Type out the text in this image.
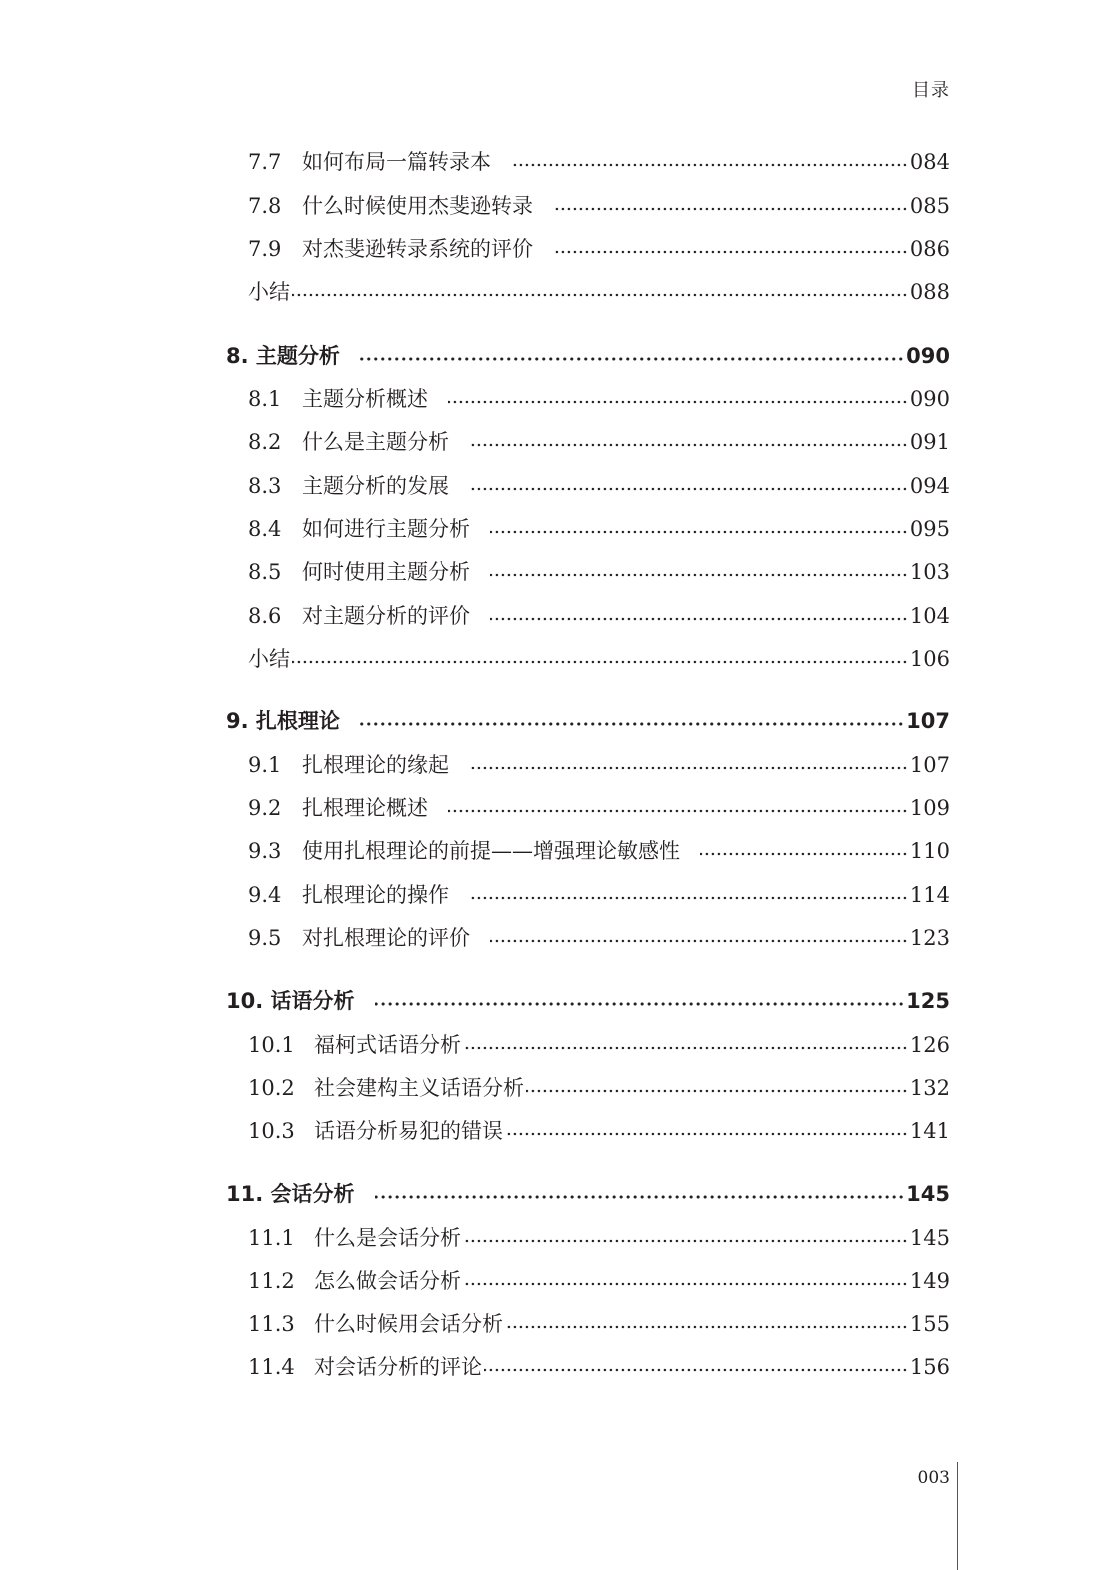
目录
7.7 如何布局一篇转录本	084
7.8 什么时候使用杰斐逊转录	085
7.9 对杰斐逊转录系统的评价	086
小结	088
8. 主题分析	090
8.1 主题分析概述	090
8.2 什么是主题分析	091
8.3 主题分析的发展	094
8.4 如何进行主题分析	095
8.5 何时使用主题分析	103
8.6 对主题分析的评价	104
小结	106
9. 扎根理论	107
9.1 扎根理论的缘起	107
9.2 扎根理论概述	109
9.3 使用扎根理论的前提——增强理论敏感性	110
9.4 扎根理论的操作	114
9.5 对扎根理论的评价	123
10. 话语分析	125
10.1 福柯式话语分析	126
10.2 社会建构主义话语分析	132
10.3 话语分析易犯的错误	141
11. 会话分析	145
11.1 什么是会话分析	145
11.2 怎么做会话分析	149
11.3 什么时候用会话分析	155
11.4 对会话分析的评论	156
003
